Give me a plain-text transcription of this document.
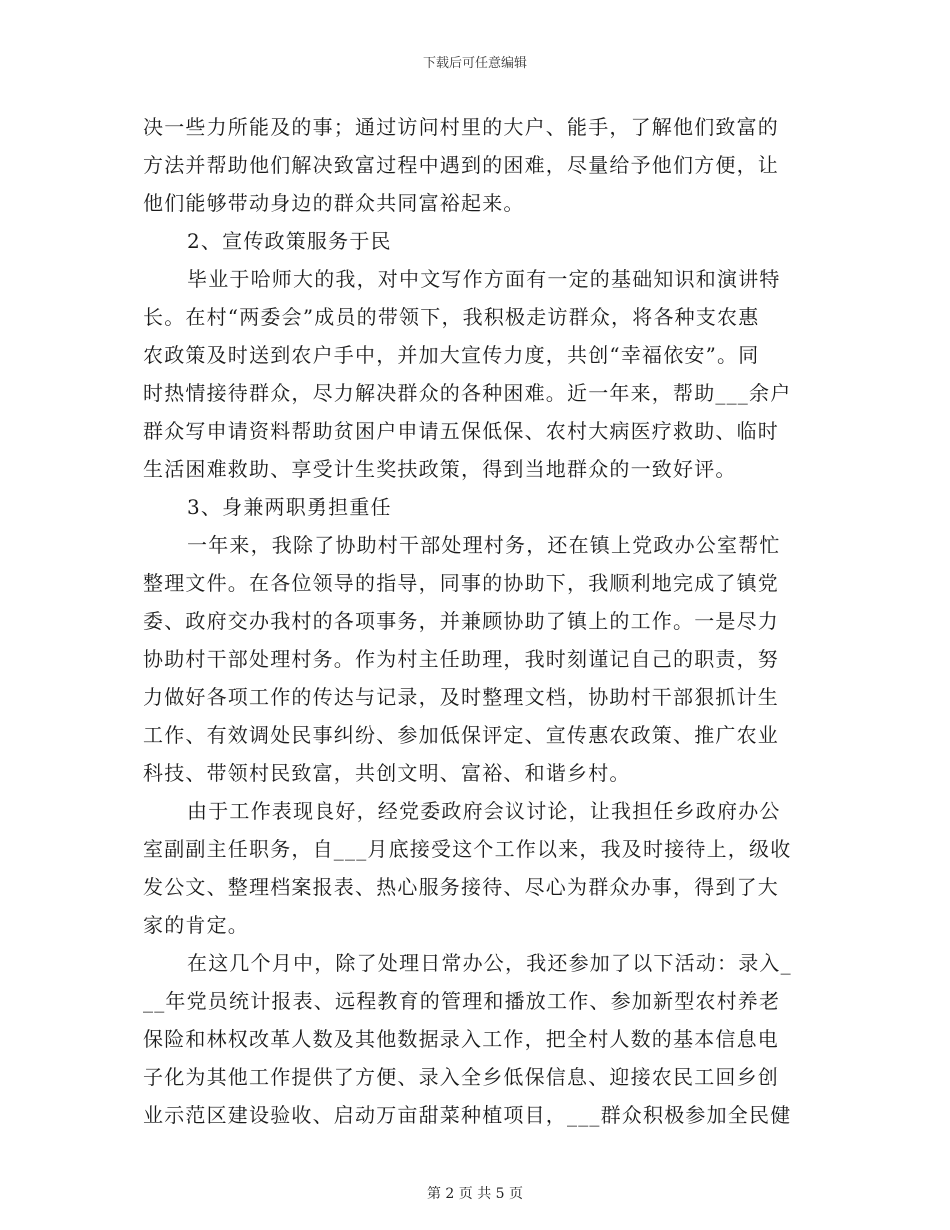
下载后可任意编辑
决一些力所能及的事；通过访问村里的大户、能手，了解他们致富的
方法并帮助他们解决致富过程中遇到的困难，尽量给予他们方便，让
他们能够带动身边的群众共同富裕起来。
2、宣传政策服务于民
毕业于哈师大的我，对中文写作方面有一定的基础知识和演讲特
长。在村“两委会”成员的带领下，我积极走访群众，将各种支农惠
农政策及时送到农户手中，并加大宣传力度，共创“幸福依安”。同
时热情接待群众，尽力解决群众的各种困难。近一年来，帮助___余户
群众写申请资料帮助贫困户申请五保低保、农村大病医疗救助、临时
生活困难救助、享受计生奖扶政策，得到当地群众的一致好评。
3、身兼两职勇担重任
一年来，我除了协助村干部处理村务，还在镇上党政办公室帮忙
整理文件。在各位领导的指导，同事的协助下，我顺利地完成了镇党
委、政府交办我村的各项事务，并兼顾协助了镇上的工作。一是尽力
协助村干部处理村务。作为村主任助理，我时刻谨记自己的职责，努
力做好各项工作的传达与记录，及时整理文档，协助村干部狠抓计生
工作、有效调处民事纠纷、参加低保评定、宣传惠农政策、推广农业
科技、带领村民致富，共创文明、富裕、和谐乡村。
由于工作表现良好，经党委政府会议讨论，让我担任乡政府办公
室副副主任职务，自___月底接受这个工作以来，我及时接待上，级收
发公文、整理档案报表、热心服务接待、尽心为群众办事，得到了大
家的肯定。
在这几个月中，除了处理日常办公，我还参加了以下活动：录入_
__年党员统计报表、远程教育的管理和播放工作、参加新型农村养老
保险和林权改革人数及其他数据录入工作，把全村人数的基本信息电
子化为其他工作提供了方便、录入全乡低保信息、迎接农民工回乡创
业示范区建设验收、启动万亩甜菜种植项目，___群众积极参加全民健
第 2 页 共 5 页
